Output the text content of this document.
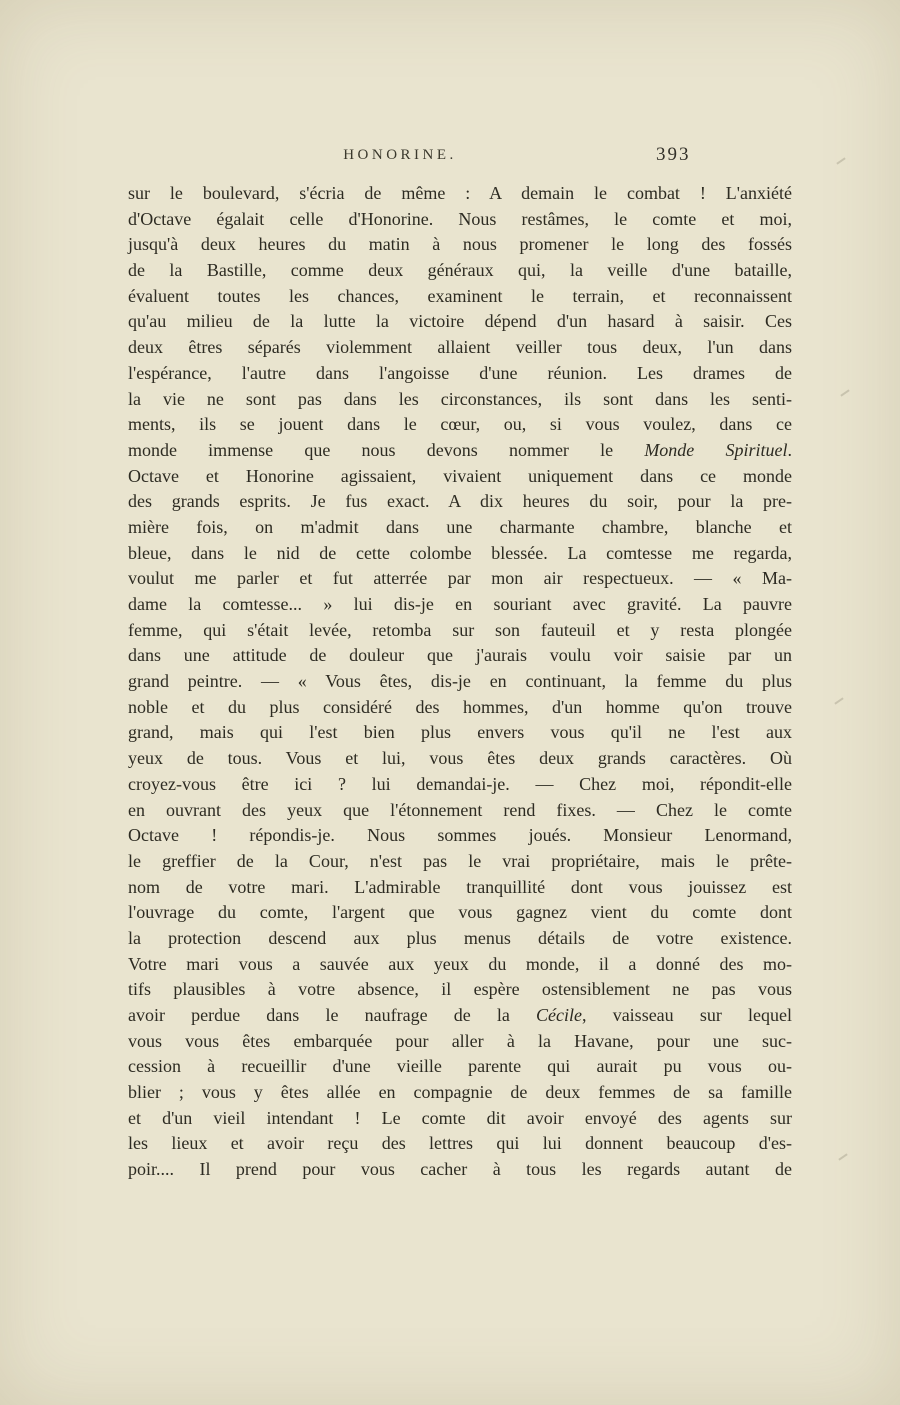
HONORINE.	393
sur le boulevard, s'écria de même : A demain le combat ! L'anxiété
d'Octave égalait celle d'Honorine. Nous restâmes, le comte et moi,
jusqu'à deux heures du matin à nous promener le long des fossés
de la Bastille, comme deux généraux qui, la veille d'une bataille,
évaluent toutes les chances, examinent le terrain, et reconnaissent
qu'au milieu de la lutte la victoire dépend d'un hasard à saisir. Ces
deux êtres séparés violemment allaient veiller tous deux, l'un dans
l'espérance, l'autre dans l'angoisse d'une réunion. Les drames de
la vie ne sont pas dans les circonstances, ils sont dans les senti-
ments, ils se jouent dans le cœur, ou, si vous voulez, dans ce
monde immense que nous devons nommer le Monde Spirituel.
Octave et Honorine agissaient, vivaient uniquement dans ce monde
des grands esprits. Je fus exact. A dix heures du soir, pour la pre-
mière fois, on m'admit dans une charmante chambre, blanche et
bleue, dans le nid de cette colombe blessée. La comtesse me regarda,
voulut me parler et fut atterrée par mon air respectueux. — « Ma-
dame la comtesse... » lui dis-je en souriant avec gravité. La pauvre
femme, qui s'était levée, retomba sur son fauteuil et y resta plongée
dans une attitude de douleur que j'aurais voulu voir saisie par un
grand peintre. — « Vous êtes, dis-je en continuant, la femme du plus
noble et du plus considéré des hommes, d'un homme qu'on trouve
grand, mais qui l'est bien plus envers vous qu'il ne l'est aux
yeux de tous. Vous et lui, vous êtes deux grands caractères. Où
croyez-vous être ici ? lui demandai-je. — Chez moi, répondit-elle
en ouvrant des yeux que l'étonnement rend fixes. — Chez le comte
Octave ! répondis-je. Nous sommes joués. Monsieur Lenormand,
le greffier de la Cour, n'est pas le vrai propriétaire, mais le prête-
nom de votre mari. L'admirable tranquillité dont vous jouissez est
l'ouvrage du comte, l'argent que vous gagnez vient du comte dont
la protection descend aux plus menus détails de votre existence.
Votre mari vous a sauvée aux yeux du monde, il a donné des mo-
tifs plausibles à votre absence, il espère ostensiblement ne pas vous
avoir perdue dans le naufrage de la Cécile, vaisseau sur lequel
vous vous êtes embarquée pour aller à la Havane, pour une suc-
cession à recueillir d'une vieille parente qui aurait pu vous ou-
blier ; vous y êtes allée en compagnie de deux femmes de sa famille
et d'un vieil intendant ! Le comte dit avoir envoyé des agents sur
les lieux et avoir reçu des lettres qui lui donnent beaucoup d'es-
poir.... Il prend pour vous cacher à tous les regards autant de
